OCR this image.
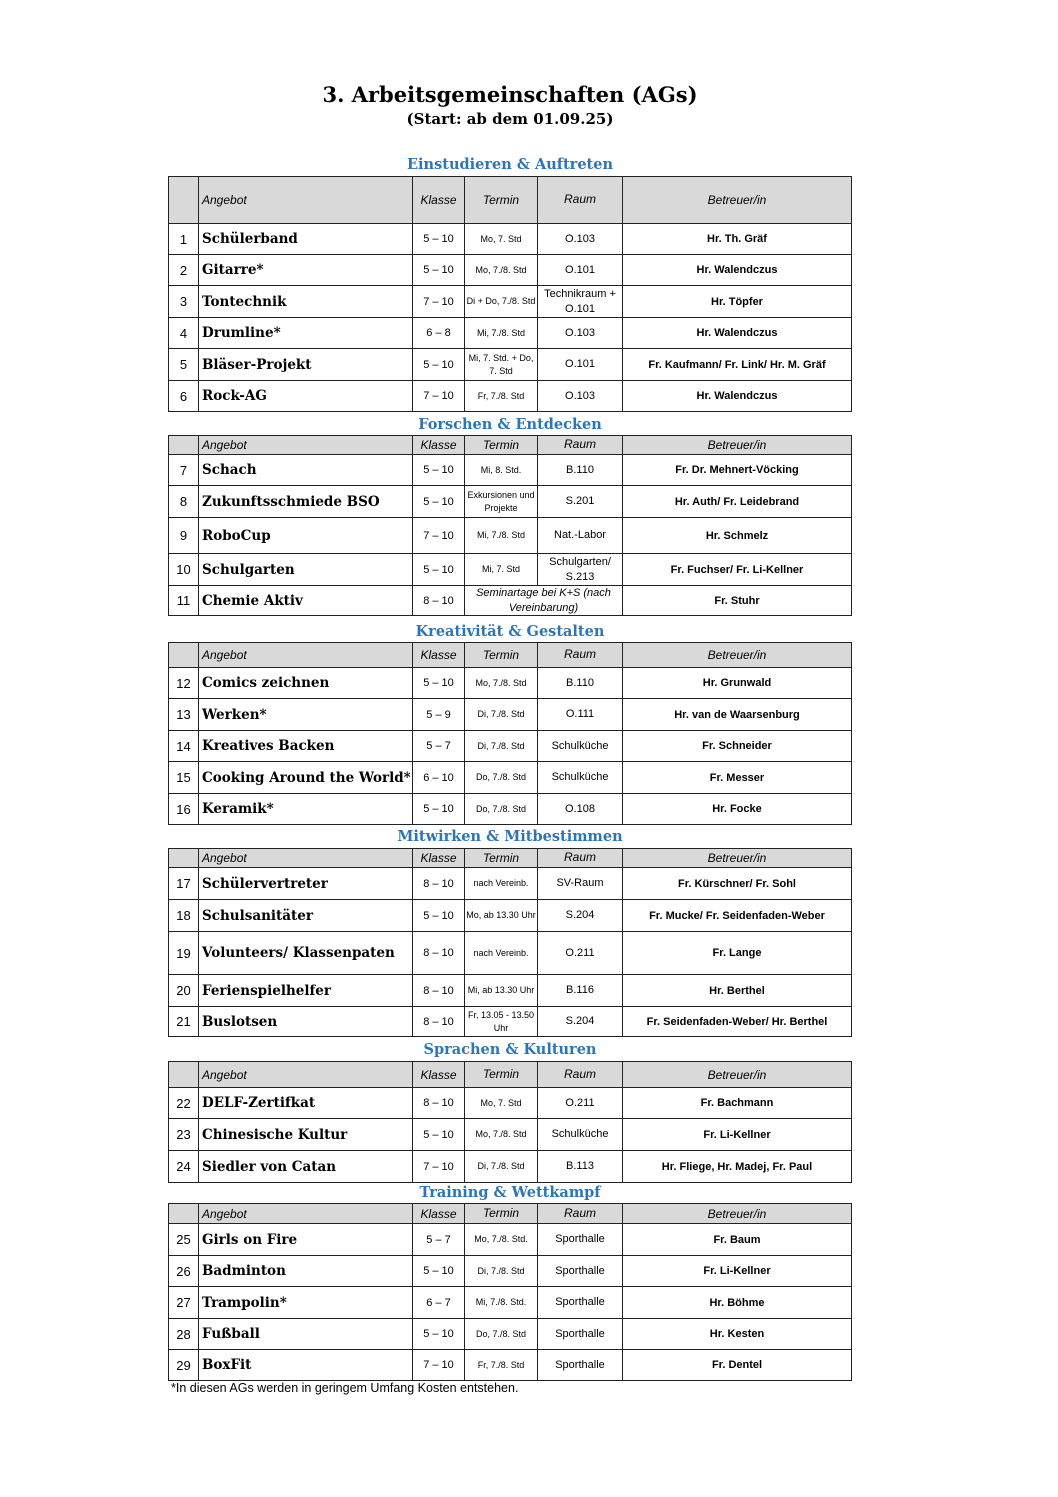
3. Arbeitsgemeinschaften (AGs)
(Start: ab dem 01.09.25)
Einstudieren & Auftreten
	Angebot	Klasse	Termin	Raum	Betreuer/in
1	Schülerband	5 – 10	Mo, 7. Std	O.103	Hr. Th. Gräf
2	Gitarre*	5 – 10	Mo, 7./8. Std	O.101	Hr. Walendczus
3	Tontechnik	7 – 10	Di + Do, 7./8. Std	Technikraum + O.101	Hr. Töpfer
4	Drumline*	6 – 8	Mi, 7./8. Std	O.103	Hr. Walendczus
5	Bläser-Projekt	5 – 10	Mi, 7. Std. + Do, 7. Std	O.101	Fr. Kaufmann/ Fr. Link/ Hr. M. Gräf
6	Rock-AG	7 – 10	Fr, 7./8. Std	O.103	Hr. Walendczus
Forschen & Entdecken
	Angebot	Klasse	Termin	Raum	Betreuer/in
7	Schach	5 – 10	Mi, 8. Std.	B.110	Fr. Dr. Mehnert-Vöcking
8	Zukunftsschmiede BSO	5 – 10	Exkursionen und Projekte	S.201	Hr. Auth/ Fr. Leidebrand
9	RoboCup	7 – 10	Mi, 7./8. Std	Nat.-Labor	Hr. Schmelz
10	Schulgarten	5 – 10	Mi, 7. Std	Schulgarten/ S.213	Fr. Fuchser/ Fr. Li-Kellner
11	Chemie Aktiv	8 – 10	Seminartage bei K+S (nach Vereinbarung)		Fr. Stuhr
Kreativität & Gestalten
	Angebot	Klasse	Termin	Raum	Betreuer/in
12	Comics zeichnen	5 – 10	Mo, 7./8. Std	B.110	Hr. Grunwald
13	Werken*	5 – 9	Di, 7./8. Std	O.111	Hr. van de Waarsenburg
14	Kreatives Backen	5 – 7	Di, 7./8. Std	Schulküche	Fr. Schneider
15	Cooking Around the World*	6 – 10	Do, 7./8. Std	Schulküche	Fr. Messer
16	Keramik*	5 – 10	Do, 7./8. Std	O.108	Hr. Focke
Mitwirken & Mitbestimmen
	Angebot	Klasse	Termin	Raum	Betreuer/in
17	Schülervertreter	8 – 10	nach Vereinb.	SV-Raum	Fr. Kürschner/ Fr. Sohl
18	Schulsanitäter	5 – 10	Mo, ab 13.30 Uhr	S.204	Fr. Mucke/ Fr. Seidenfaden-Weber
19	Volunteers/ Klassenpaten	8 – 10	nach Vereinb.	O.211	Fr. Lange
20	Ferienspielhelfer	8 – 10	Mi, ab 13.30 Uhr	B.116	Hr. Berthel
21	Buslotsen	8 – 10	Fr, 13.05 - 13.50 Uhr	S.204	Fr. Seidenfaden-Weber/ Hr. Berthel
Sprachen & Kulturen
	Angebot	Klasse	Termin	Raum	Betreuer/in
22	DELF-Zertifkat	8 – 10	Mo, 7. Std	O.211	Fr. Bachmann
23	Chinesische Kultur	5 – 10	Mo, 7./8. Std	Schulküche	Fr. Li-Kellner
24	Siedler von Catan	7 – 10	Di, 7./8. Std	B.113	Hr. Fliege, Hr. Madej, Fr. Paul
Training & Wettkampf
	Angebot	Klasse	Termin	Raum	Betreuer/in
25	Girls on Fire	5 – 7	Mo, 7./8. Std.	Sporthalle	Fr. Baum
26	Badminton	5 – 10	Di, 7./8. Std	Sporthalle	Fr. Li-Kellner
27	Trampolin*	6 – 7	Mi, 7./8. Std.	Sporthalle	Hr. Böhme
28	Fußball	5 – 10	Do, 7./8. Std	Sporthalle	Hr. Kesten
29	BoxFit	7 – 10	Fr, 7./8. Std	Sporthalle	Fr. Dentel
*In diesen AGs werden in geringem Umfang Kosten entstehen.
